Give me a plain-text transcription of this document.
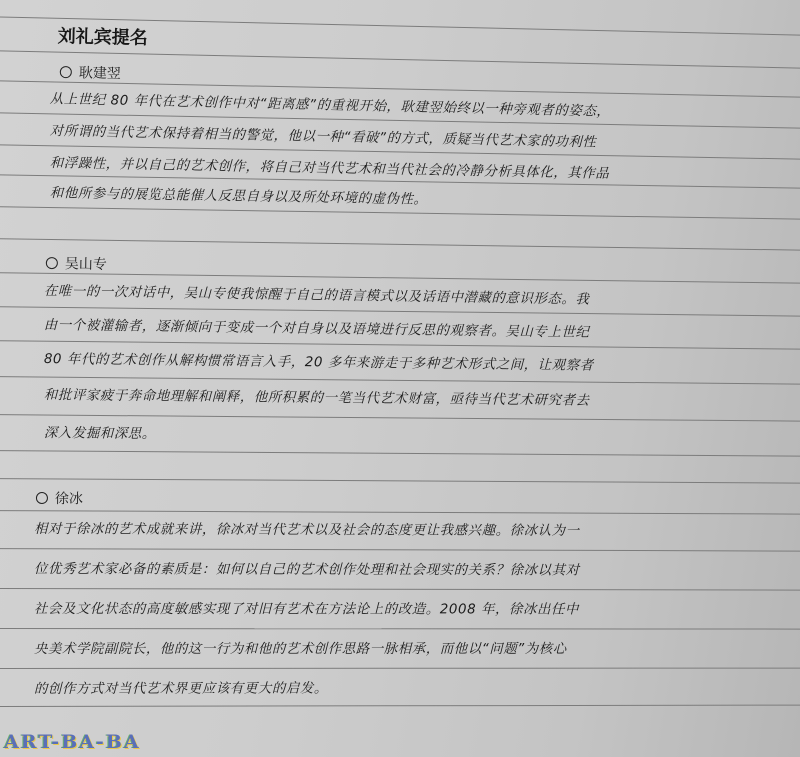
刘礼宾提名
耿建翌
从上世纪 80 年代在艺术创作中对“距离感”的重视开始，耿建翌始终以一种旁观者的姿态，
对所谓的当代艺术保持着相当的警觉，他以一种“看破”的方式，质疑当代艺术家的功利性
和浮躁性，并以自己的艺术创作，将自己对当代艺术和当代社会的冷静分析具体化，其作品
和他所参与的展览总能催人反思自身以及所处环境的虚伪性。
吴山专
在唯一的一次对话中，吴山专使我惊醒于自己的语言模式以及话语中潜藏的意识形态。我
由一个被灌输者，逐渐倾向于变成一个对自身以及语境进行反思的观察者。吴山专上世纪
80 年代的艺术创作从解构惯常语言入手，20 多年来游走于多种艺术形式之间，让观察者
和批评家疲于奔命地理解和阐释，他所积累的一笔当代艺术财富，亟待当代艺术研究者去
深入发掘和深思。
徐冰
相对于徐冰的艺术成就来讲，徐冰对当代艺术以及社会的态度更让我感兴趣。徐冰认为一
位优秀艺术家必备的素质是：如何以自己的艺术创作处理和社会现实的关系？徐冰以其对
社会及文化状态的高度敏感实现了对旧有艺术在方法论上的改造。2008 年，徐冰出任中
央美术学院副院长，他的这一行为和他的艺术创作思路一脉相承，而他以“问题”为核心
的创作方式对当代艺术界更应该有更大的启发。
ART-BA-BA
